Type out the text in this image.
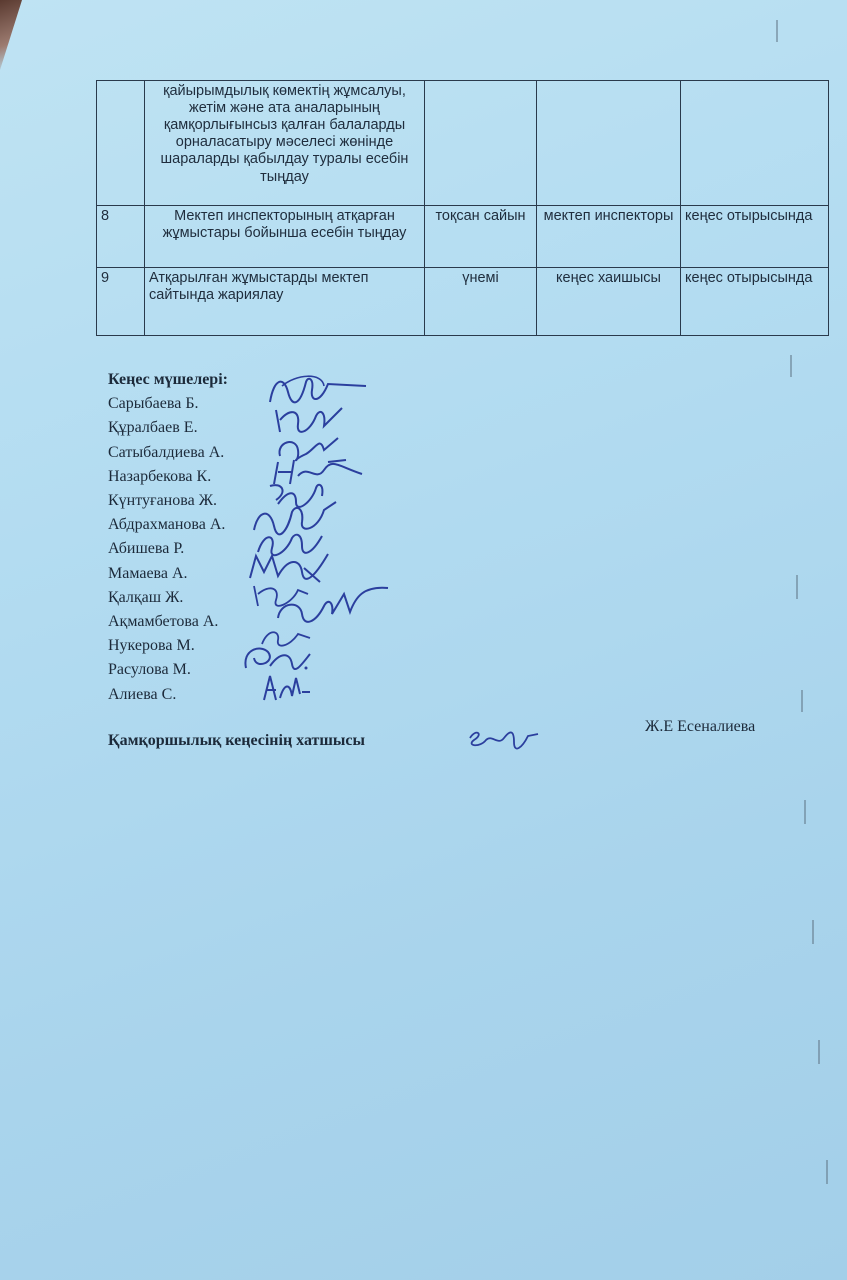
	қайырымдылық көмектің жұмсалуы, жетім және ата аналарының қамқорлығынсыз қалған балаларды орналасатыру мәселесі жөнінде шараларды қабылдау туралы есебін тыңдау			
8	Мектеп инспекторының атқарған жұмыстары бойынша есебін тыңдау	тоқсан сайын	мектеп инспекторы	кеңес отырысында
9	Атқарылған жұмыстарды мектеп сайтында жариялау	үнемі	кеңес хаишысы	кеңес отырысында
Кеңес мүшелері:
Сарыбаева Б.
Құралбаев Е.
Сатыбалдиева А.
Назарбекова К.
Күнтуғанова Ж.
Абдрахманова А.
Абишева Р.
Мамаева А.
Қалқаш Ж.
Ақмамбетова А.
Нукерова М.
Расулова М.
Алиева С.
Қамқоршылық кеңесінің хатшысы
Ж.Е Есеналиева
